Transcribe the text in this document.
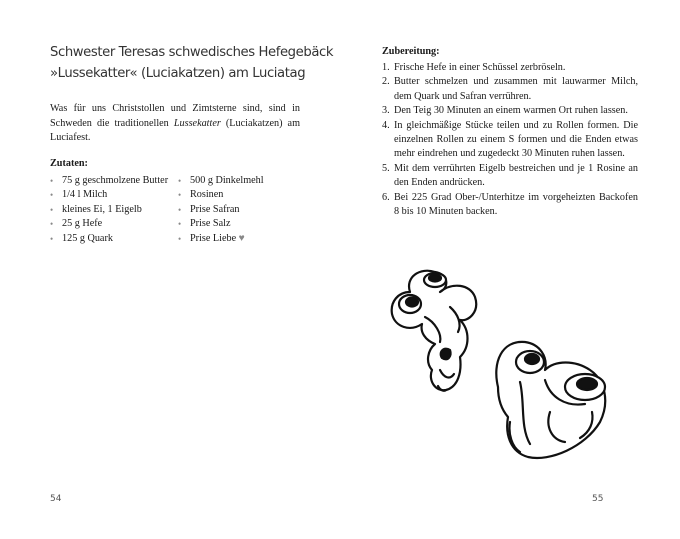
Schwester Teresas schwedisches Hefegebäck
»Lussekatter« (Luciakatzen) am Luciatag
Was für uns Christstollen und Zimtsterne sind, sind in Schweden die traditionellen Lussekatter (Luciakatzen) am Luciafest.
Zutaten:
• 75 g geschmolzene Butter
• 1/4 l Milch
• kleines Ei, 1 Eigelb
• 25 g Hefe
• 125 g Quark
• 500 g Dinkelmehl
• Rosinen
• Prise Safran
• Prise Salz
• Prise Liebe ♥
54
Zubereitung:
1. Frische Hefe in einer Schüssel zerbröseln.
2. Butter schmelzen und zusammen mit lauwarmer Milch, dem Quark und Safran verrühren.
3. Den Teig 30 Minuten an einem warmen Ort ruhen lassen.
4. In gleichmäßige Stücke teilen und zu Rollen formen. Die einzelnen Rollen zu einem S formen und die Enden etwas mehr eindrehen und zugedeckt 30 Minuten ruhen lassen.
5. Mit dem verrührten Eigelb bestreichen und je 1 Rosine an den Enden andrücken.
6. Bei 225 Grad Ober-/Unterhitze im vorgeheizten Backofen 8 bis 10 Minuten backen.
55
